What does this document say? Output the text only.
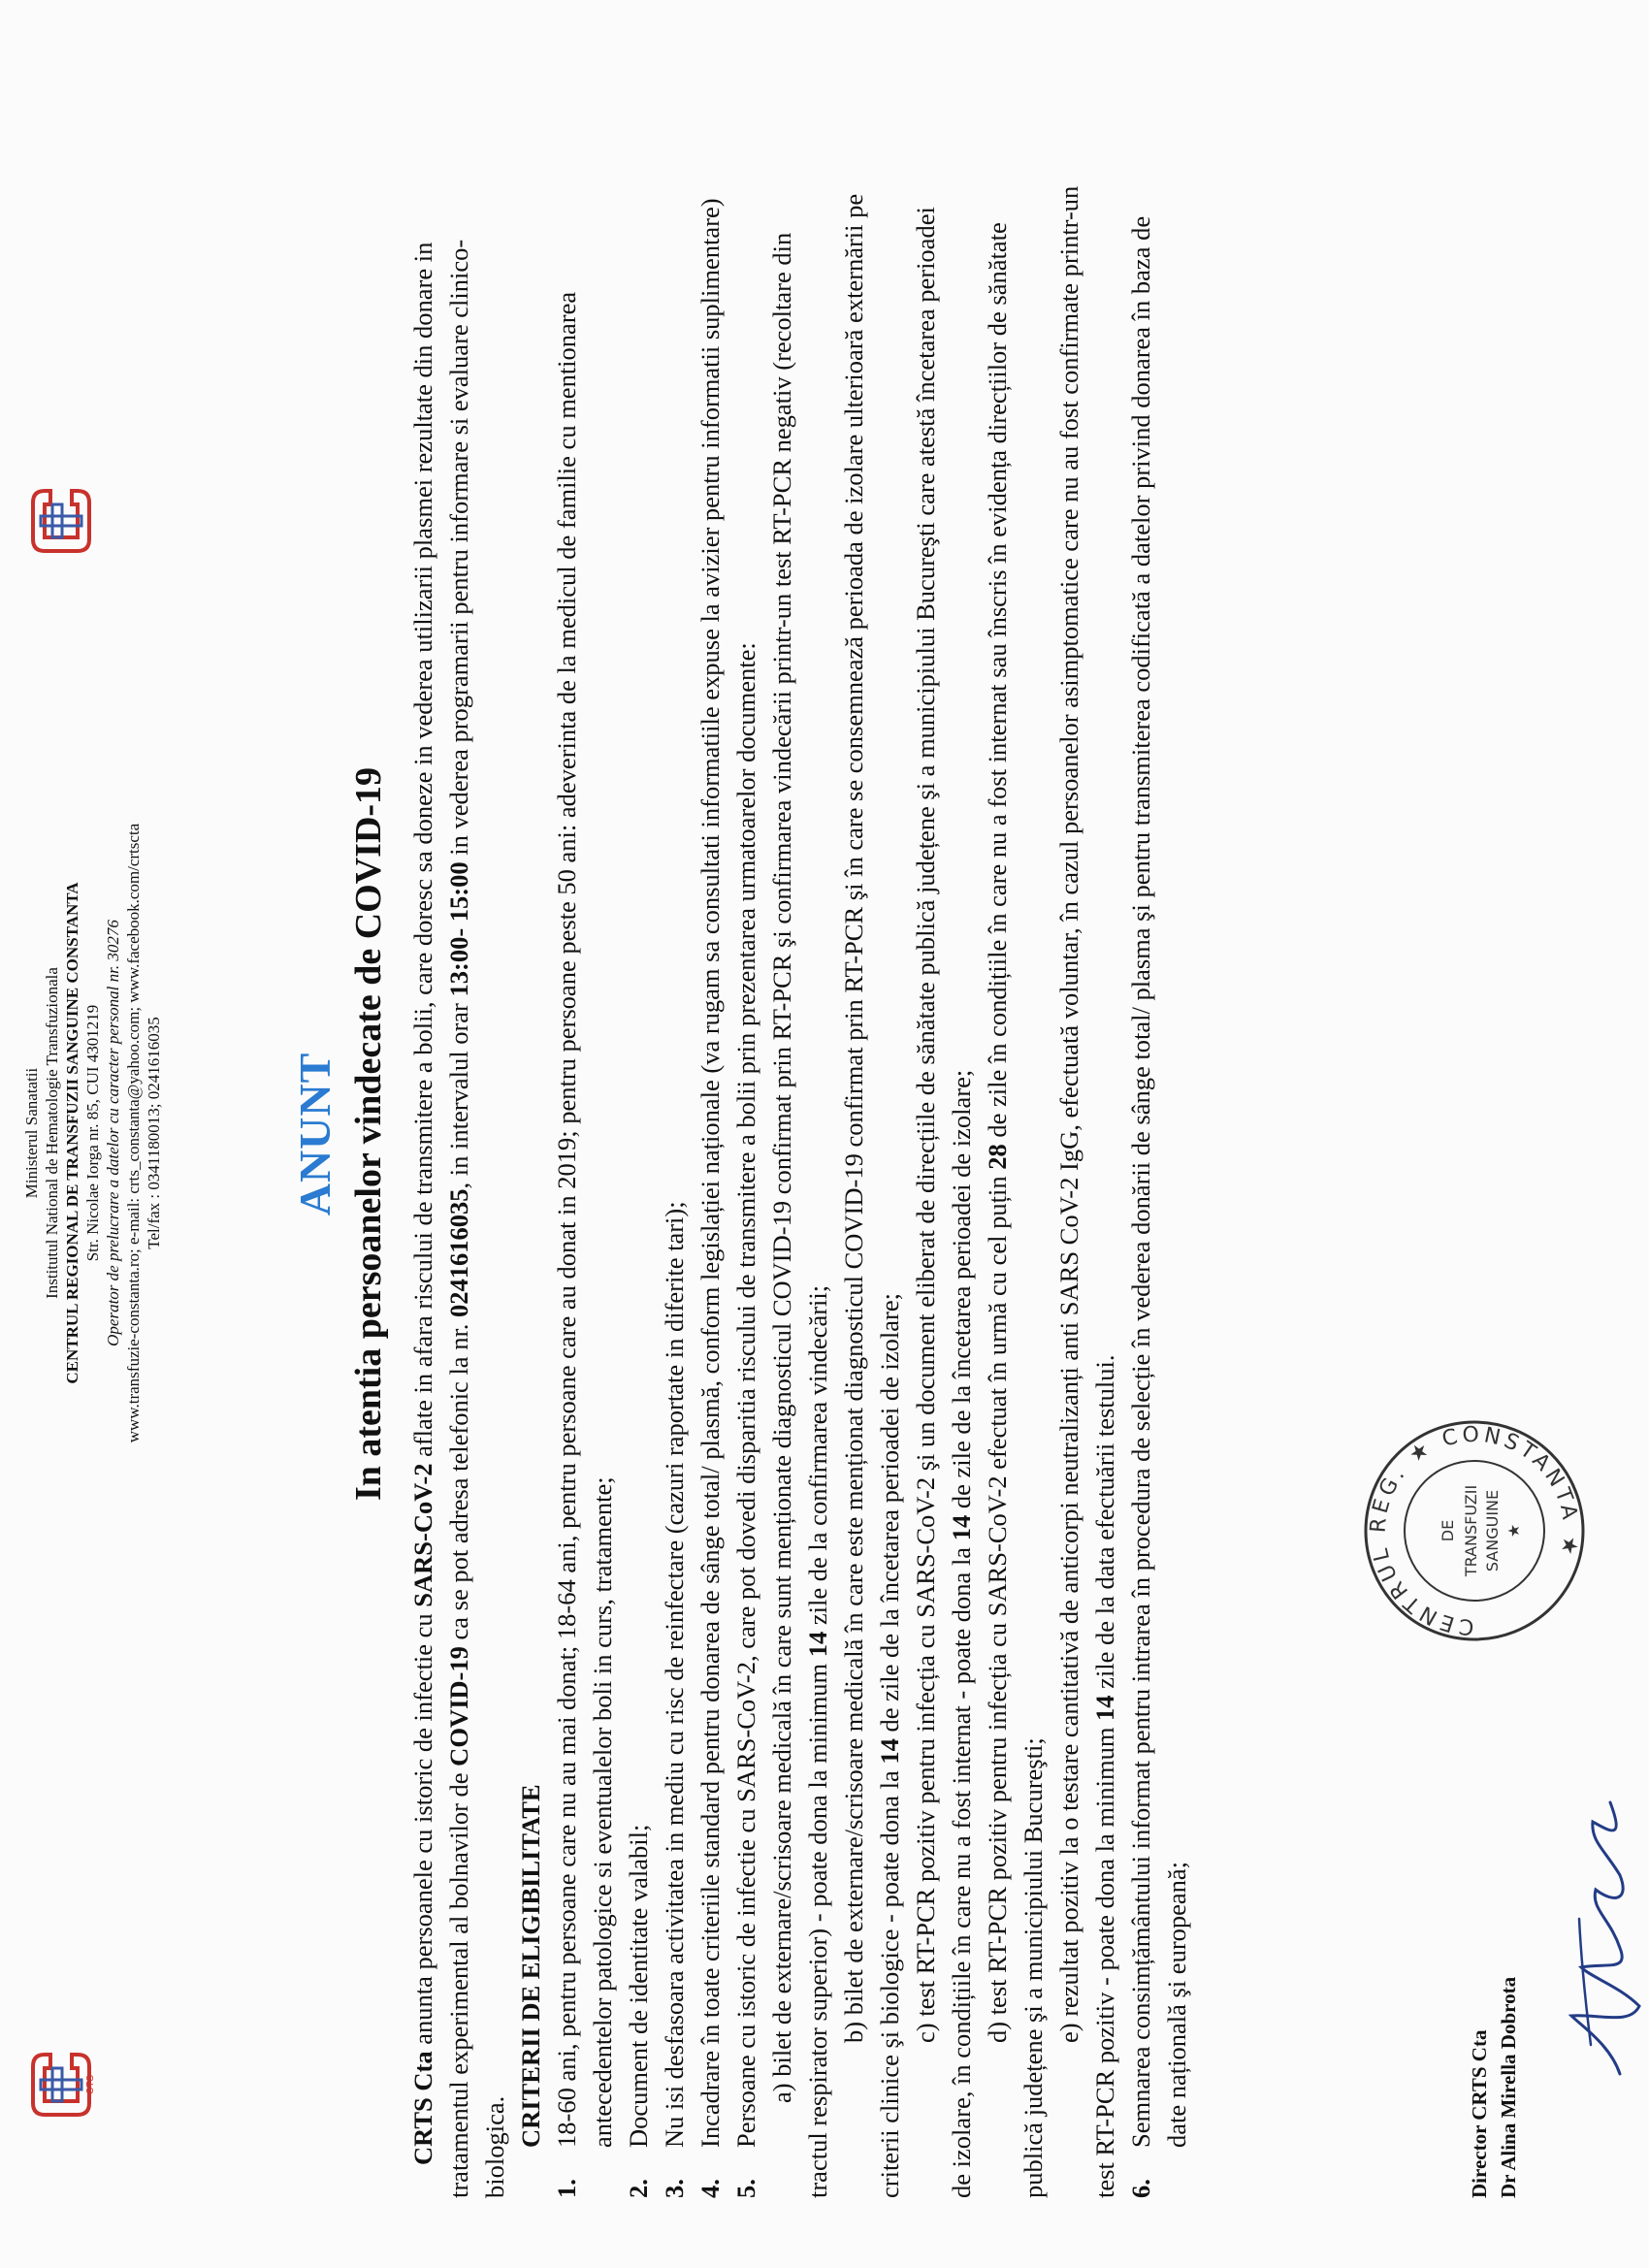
CTS
Ministerul Sanatatii Institutul National de Hematologie Transfuzionala CENTRUL REGIONAL DE TRANSFUZII SANGUINE CONSTANTA Str. Nicolae Iorga nr. 85, CUI 4301219 Operator de prelucrare a datelor cu caracter personal nr. 30276 www.transfuzie-constanta.ro; e-mail: crts_constanta@yahoo.com; www.facebook.com/crtscta Tel/fax : 0341180013; 0241616035	ANUNT In atentia persoanelor vindecate de COVID-19

CRTS Cta anunta persoanele cu istoric de infectie cu SARS-CoV-2 aflate in afara riscului de transmitere a bolii, care doresc sa doneze in vederea utilizarii plasmei rezultate din donare in tratamentul experimental al bolnavilor de COVID-19 ca se pot adresa telefonic la nr. 0241616035, in intervalul orar 13:00- 15:00 in vederea programarii pentru informare si evaluare clinico-biologica. CRITERII DE ELIGIBILITATE

1.
18-60 ani, pentru persoane care nu au mai donat; 18-64 ani, pentru persoane care au donat in 2019; pentru persoane peste 50 ani: adeverinta de la medicul de familie cu mentionarea antecedentelor patologice si eventualelor boli in curs, tratamente;

2.
Document de identitate valabil;

3.
Nu isi desfasoara activitatea in mediu cu risc de reinfectare (cazuri raportate in diferite tari);

4.
Incadrare în toate criteriile standard pentru donarea de sânge total/ plasmă, conform legislației naționale (va rugam sa consultati informatiile expuse la avizier pentru informatii suplimentare)

5.
Persoane cu istoric de infectie cu SARS-CoV-2, care pot dovedi disparitia riscului de transmitere a bolii prin prezentarea urmatoarelor documente: a) bilet de externare/scrisoare medicală în care sunt menționate diagnosticul COVID-19 confirmat prin RT-PCR şi confirmarea vindecării printr-un test RT-PCR negativ (recoltare din tractul respirator superior) - poate dona la minimum 14 zile de la confirmarea vindecării; b) bilet de externare/scrisoare medicală în care este menționat diagnosticul COVID-19 confirmat prin RT-PCR şi în care se consemnează perioada de izolare ulterioară externării pe criterii clinice şi biologice - poate dona la 14 de zile de la încetarea perioadei de izolare; c) test RT-PCR pozitiv pentru infecția cu SARS-CoV-2 şi un document eliberat de direcțiile de sănătate publică județene şi a municipiului Bucureşti care atestă încetarea perioadei de izolare, în condițiile în care nu a fost internat - poate dona la 14 de zile de la încetarea perioadei de izolare; d) test RT-PCR pozitiv pentru infecția cu SARS-CoV-2 efectuat în urmă cu cel puțin 28 de zile în condițiile în care nu a fost internat sau înscris în evidența direcțiilor de sănătate publică județene şi a municipiului Bucureşti; e) rezultat pozitiv la o testare cantitativă de anticorpi neutralizanți anti SARS CoV-2 IgG, efectuată voluntar, în cazul persoanelor asimptomatice care nu au fost confirmate printr-un test RT-PCR pozitiv - poate dona la minimum 14 zile de la data efectuării testului.

6.
Semnarea consimțământului informat pentru intrarea în procedura de selecție în vederea donării de sânge total/ plasma şi pentru transmiterea codificată a datelor privind donarea în baza de date națională şi europeană;	Director CRTS Cta Dr Alina Mirella Dobrota
CENTRUL REG. ★ CONSTANTA ★
DE TRANSFUZII SANGUINE ★
